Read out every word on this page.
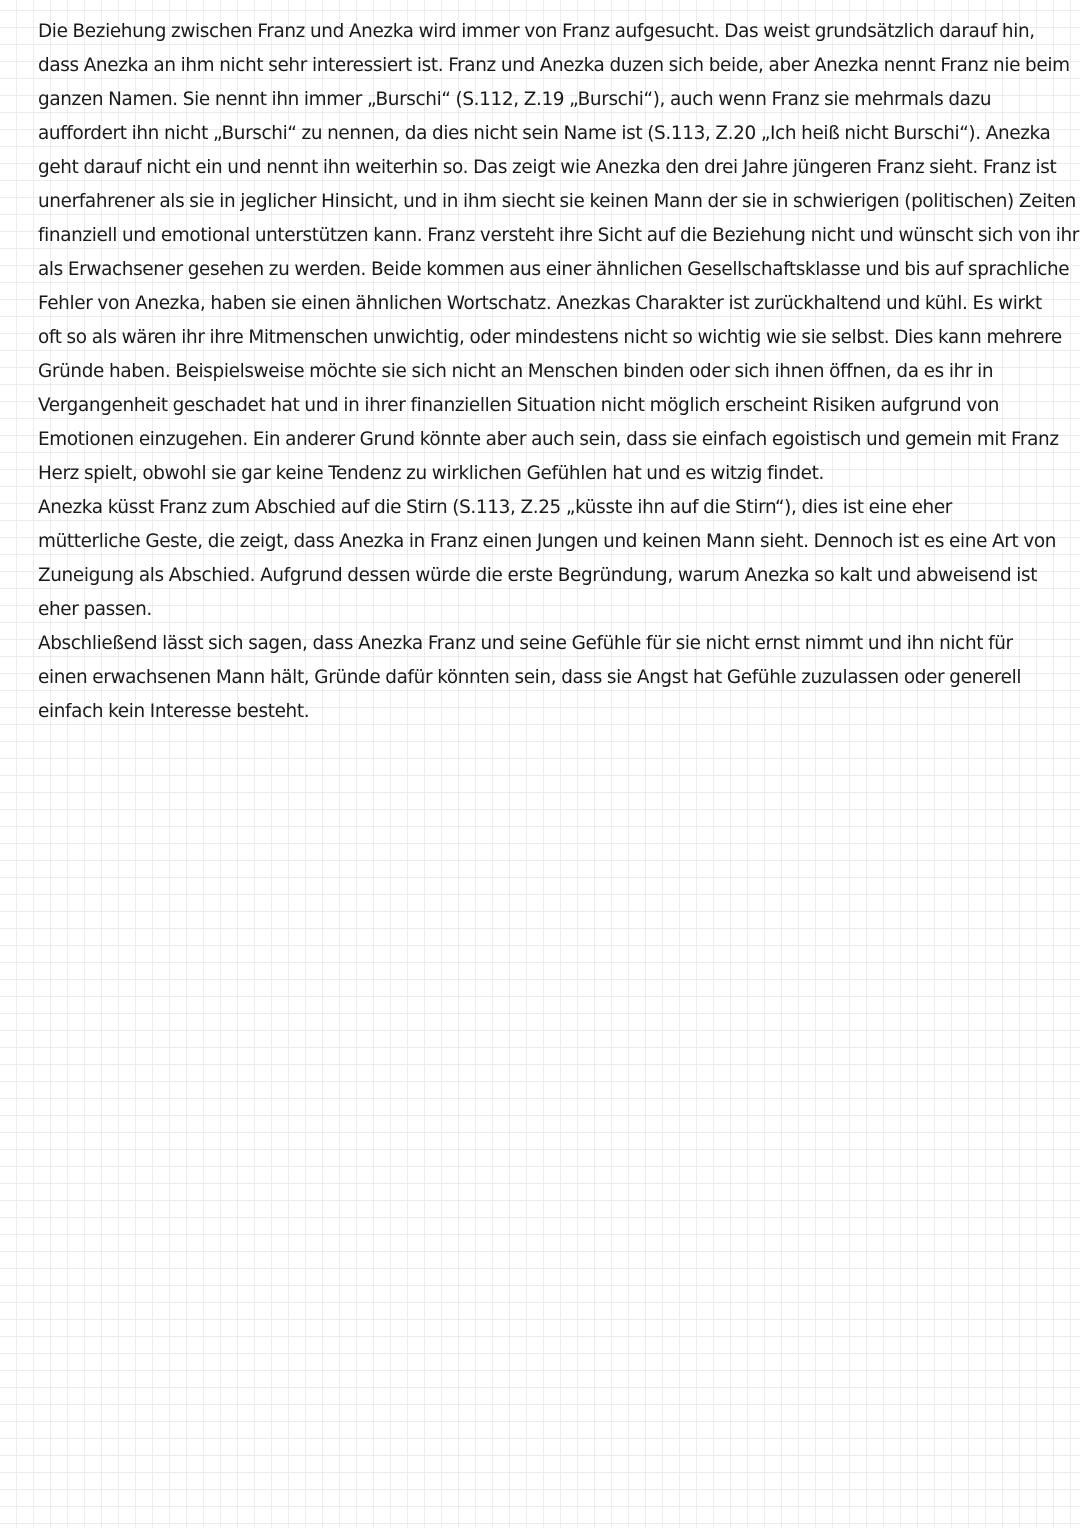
Die Beziehung zwischen Franz und Anezka wird immer von Franz aufgesucht. Das weist grundsätzlich darauf hin,
dass Anezka an ihm nicht sehr interessiert ist. Franz und Anezka duzen sich beide, aber Anezka nennt Franz nie beim
ganzen Namen. Sie nennt ihn immer „Burschi“ (S.112, Z.19 „Burschi“), auch wenn Franz sie mehrmals dazu
auffordert ihn nicht „Burschi“ zu nennen, da dies nicht sein Name ist (S.113, Z.20 „Ich heiß nicht Burschi“). Anezka
geht darauf nicht ein und nennt ihn weiterhin so. Das zeigt wie Anezka den drei Jahre jüngeren Franz sieht. Franz ist
unerfahrener als sie in jeglicher Hinsicht, und in ihm siecht sie keinen Mann der sie in schwierigen (politischen) Zeiten
finanziell und emotional unterstützen kann. Franz versteht ihre Sicht auf die Beziehung nicht und wünscht sich von ihr
als Erwachsener gesehen zu werden. Beide kommen aus einer ähnlichen Gesellschaftsklasse und bis auf sprachliche
Fehler von Anezka, haben sie einen ähnlichen Wortschatz. Anezkas Charakter ist zurückhaltend und kühl. Es wirkt
oft so als wären ihr ihre Mitmenschen unwichtig, oder mindestens nicht so wichtig wie sie selbst. Dies kann mehrere
Gründe haben. Beispielsweise möchte sie sich nicht an Menschen binden oder sich ihnen öffnen, da es ihr in
Vergangenheit geschadet hat und in ihrer finanziellen Situation nicht möglich erscheint Risiken aufgrund von
Emotionen einzugehen. Ein anderer Grund könnte aber auch sein, dass sie einfach egoistisch und gemein mit Franz
Herz spielt, obwohl sie gar keine Tendenz zu wirklichen Gefühlen hat und es witzig findet.
Anezka küsst Franz zum Abschied auf die Stirn (S.113, Z.25 „küsste ihn auf die Stirn“), dies ist eine eher
mütterliche Geste, die zeigt, dass Anezka in Franz einen Jungen und keinen Mann sieht. Dennoch ist es eine Art von
Zuneigung als Abschied. Aufgrund dessen würde die erste Begründung, warum Anezka so kalt und abweisend ist
eher passen.
Abschließend lässt sich sagen, dass Anezka Franz und seine Gefühle für sie nicht ernst nimmt und ihn nicht für
einen erwachsenen Mann hält, Gründe dafür könnten sein, dass sie Angst hat Gefühle zuzulassen oder generell
einfach kein Interesse besteht.
